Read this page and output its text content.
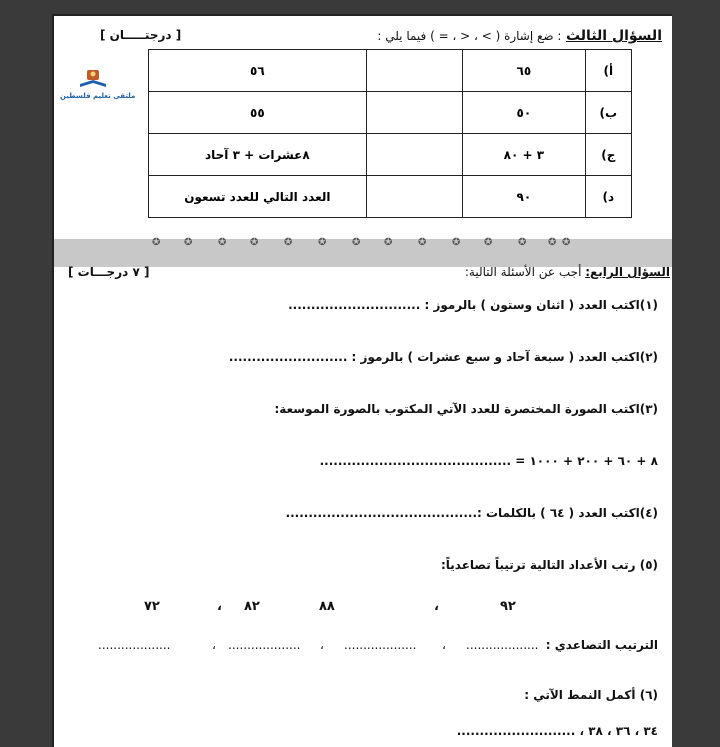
السؤال الثالث : ضع إشارة ( > ، < ، = ) فيما يلي :
[ درجتـــــان ]
ملتقى تعليم فلسطين
أ)	٦٥		٥٦
ب)	٥٠		٥٥
ج)	٣ + ٨٠		٨عشرات + ٣ آحاد
د)	٩٠		العدد التالي للعدد تسعون
✪ ✪	✪ ✪	✪	✪	✪ ✪	✪	✪ ✪	✪ ✪ ✪
السؤال الرابع: أجب عن الأسئلة التالية:
[ ٧ درجـــات ]
(١)اكتب العدد ( اثنان وستون ) بالرموز : .............................
(٢)اكتب العدد ( سبعة آحاد و سبع عشرات ) بالرموز : ..........................
(٣)اكتب الصورة المختصرة للعدد الآتي المكتوب بالصورة الموسعة:
٨ + ٦٠ + ٢٠٠ + ١٠٠٠ = ..........................................
(٤)اكتب العدد ( ٦٤ ) بالكلمات :..........................................
(٥) رتب الأعداد التالية ترتيباً تصاعدياً:
٩٢
٨٨
٨٢
٧٢	،
،
الترتيب التصاعدي :
...................
،
...................
،
...................
،
...................
(٦) أكمل النمط الآتي :
٣٤ ، ٣٦ ، ٣٨ ، ..........................
